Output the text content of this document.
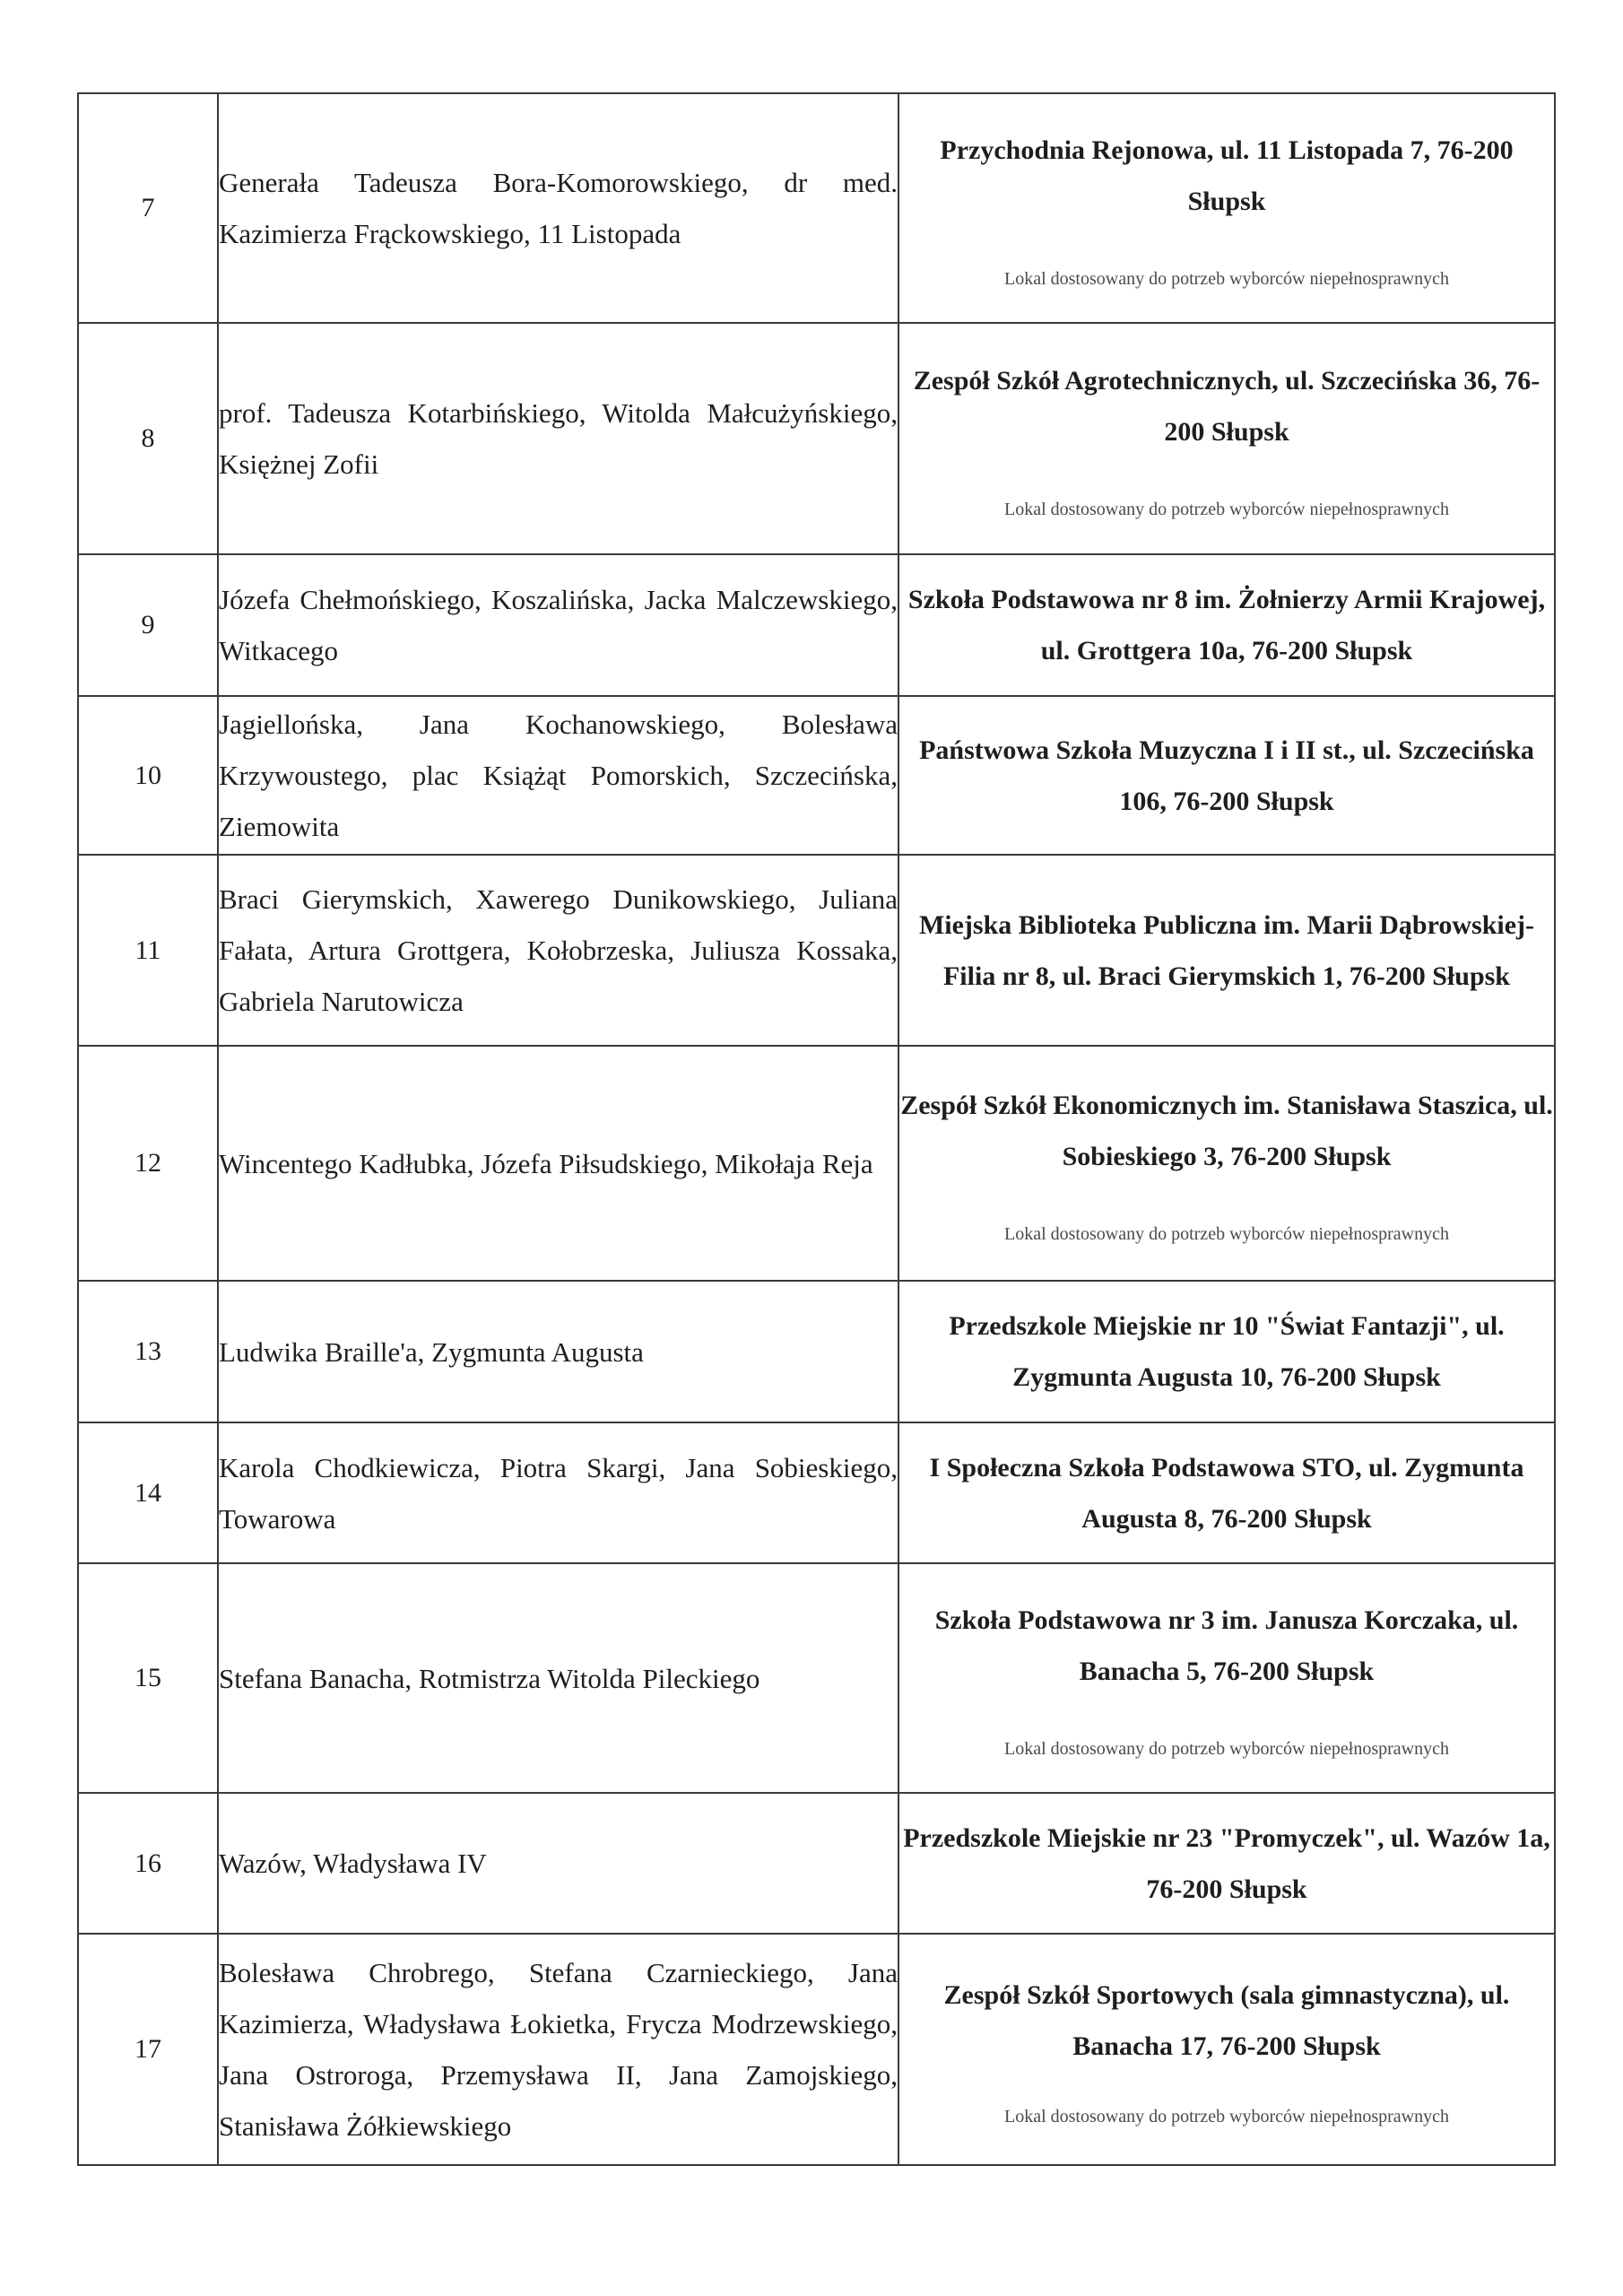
7	Generała Tadeusza Bora-Komorowskiego, dr med. Kazimierza Frąckowskiego, 11 Listopada	Przychodnia Rejonowa, ul. 11 Listopada 7, 76-200 Słupsk
Lokal dostosowany do potrzeb wyborców niepełnosprawnych

8	prof. Tadeusza Kotarbińskiego, Witolda Małcużyńskiego, Księżnej Zofii	Zespół Szkół Agrotechnicznych, ul. Szczecińska 36, 76-200 Słupsk
Lokal dostosowany do potrzeb wyborców niepełnosprawnych

9	Józefa Chełmońskiego, Koszalińska, Jacka Malczewskiego, Witkacego	Szkoła Podstawowa nr 8 im. Żołnierzy Armii Krajowej, ul. Grottgera 10a, 76-200 Słupsk

10	Jagiellońska, Jana Kochanowskiego, Bolesława Krzywoustego, plac Książąt Pomorskich, Szczecińska, Ziemowita	Państwowa Szkoła Muzyczna I i II st., ul. Szczecińska 106, 76-200 Słupsk

11	Braci Gierymskich, Xawerego Dunikowskiego, Juliana Fałata, Artura Grottgera, Kołobrzeska, Juliusza Kossaka, Gabriela Narutowicza	Miejska Biblioteka Publiczna im. Marii Dąbrowskiej-Filia nr 8, ul. Braci Gierymskich 1, 76-200 Słupsk

12	Wincentego Kadłubka, Józefa Piłsudskiego, Mikołaja Reja	Zespół Szkół Ekonomicznych im. Stanisława Staszica, ul. Sobieskiego 3, 76-200 Słupsk
Lokal dostosowany do potrzeb wyborców niepełnosprawnych

13	Ludwika Braille'a, Zygmunta Augusta	Przedszkole Miejskie nr 10 "Świat Fantazji", ul. Zygmunta Augusta 10, 76-200 Słupsk

14	Karola Chodkiewicza, Piotra Skargi, Jana Sobieskiego, Towarowa	I Społeczna Szkoła Podstawowa STO, ul. Zygmunta Augusta 8, 76-200 Słupsk

15	Stefana Banacha, Rotmistrza Witolda Pileckiego	Szkoła Podstawowa nr 3 im. Janusza Korczaka, ul. Banacha 5, 76-200 Słupsk
Lokal dostosowany do potrzeb wyborców niepełnosprawnych

16	Wazów, Władysława IV	Przedszkole Miejskie nr 23 "Promyczek", ul. Wazów 1a, 76-200 Słupsk

17	Bolesława Chrobrego, Stefana Czarnieckiego, Jana Kazimierza, Władysława Łokietka, Frycza Modrzewskiego, Jana Ostroroga, Przemysława II, Jana Zamojskiego, Stanisława Żółkiewskiego	Zespół Szkół Sportowych (sala gimnastyczna), ul. Banacha 17, 76-200 Słupsk
Lokal dostosowany do potrzeb wyborców niepełnosprawnych
